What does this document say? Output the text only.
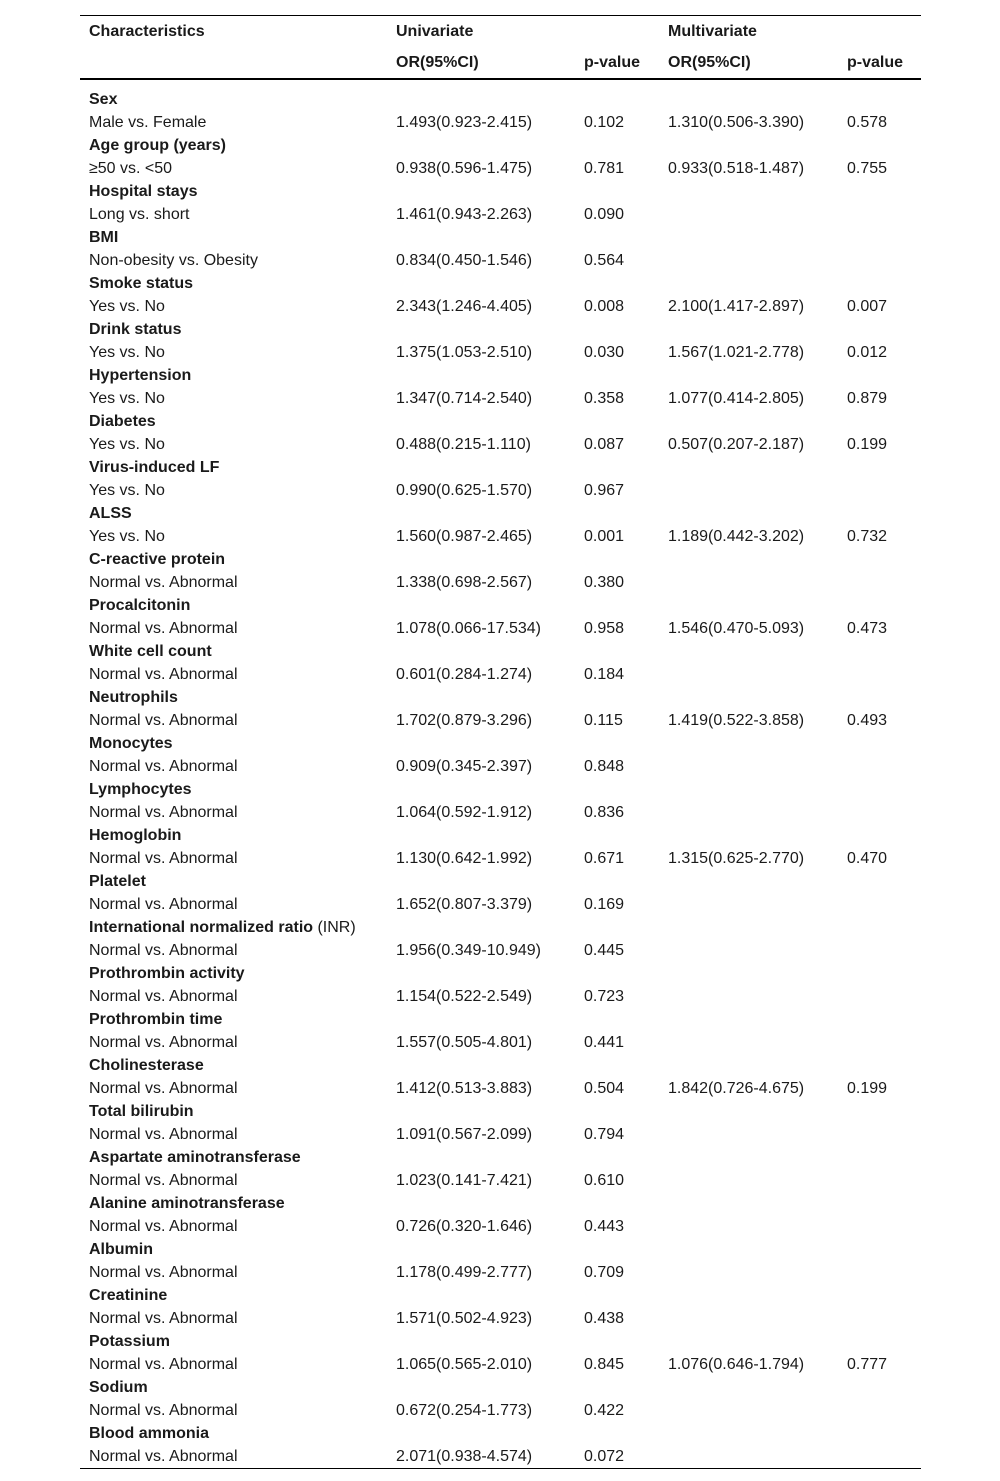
Characteristics	Univariate		Multivariate	
	OR(95%CI)	p-value	OR(95%CI)	p-value

Sex				
Male vs. Female	1.493(0.923-2.415)	0.102	1.310(0.506-3.390)	0.578
Age group (years)				
≥50 vs. <50	0.938(0.596-1.475)	0.781	0.933(0.518-1.487)	0.755
Hospital stays				
Long vs. short	1.461(0.943-2.263)	0.090		
BMI				
Non-obesity vs. Obesity	0.834(0.450-1.546)	0.564		
Smoke status				
Yes vs. No	2.343(1.246-4.405)	0.008	2.100(1.417-2.897)	0.007
Drink status				
Yes vs. No	1.375(1.053-2.510)	0.030	1.567(1.021-2.778)	0.012
Hypertension				
Yes vs. No	1.347(0.714-2.540)	0.358	1.077(0.414-2.805)	0.879
Diabetes				
Yes vs. No	0.488(0.215-1.110)	0.087	0.507(0.207-2.187)	0.199
Virus-induced LF				
Yes vs. No	0.990(0.625-1.570)	0.967		
ALSS				
Yes vs. No	1.560(0.987-2.465)	0.001	1.189(0.442-3.202)	0.732
C-reactive protein				
Normal vs. Abnormal	1.338(0.698-2.567)	0.380		
Procalcitonin				
Normal vs. Abnormal	1.078(0.066-17.534)	0.958	1.546(0.470-5.093)	0.473
White cell count				
Normal vs. Abnormal	0.601(0.284-1.274)	0.184		
Neutrophils				
Normal vs. Abnormal	1.702(0.879-3.296)	0.115	1.419(0.522-3.858)	0.493
Monocytes				
Normal vs. Abnormal	0.909(0.345-2.397)	0.848		
Lymphocytes				
Normal vs. Abnormal	1.064(0.592-1.912)	0.836		
Hemoglobin				
Normal vs. Abnormal	1.130(0.642-1.992)	0.671	1.315(0.625-2.770)	0.470
Platelet				
Normal vs. Abnormal	1.652(0.807-3.379)	0.169		
International normalized ratio (INR)				
Normal vs. Abnormal	1.956(0.349-10.949)	0.445		
Prothrombin activity				
Normal vs. Abnormal	1.154(0.522-2.549)	0.723		
Prothrombin time				
Normal vs. Abnormal	1.557(0.505-4.801)	0.441		
Cholinesterase				
Normal vs. Abnormal	1.412(0.513-3.883)	0.504	1.842(0.726-4.675)	0.199
Total bilirubin				
Normal vs. Abnormal	1.091(0.567-2.099)	0.794		
Aspartate aminotransferase				
Normal vs. Abnormal	1.023(0.141-7.421)	0.610		
Alanine aminotransferase				
Normal vs. Abnormal	0.726(0.320-1.646)	0.443		
Albumin				
Normal vs. Abnormal	1.178(0.499-2.777)	0.709		
Creatinine				
Normal vs. Abnormal	1.571(0.502-4.923)	0.438		
Potassium				
Normal vs. Abnormal	1.065(0.565-2.010)	0.845	1.076(0.646-1.794)	0.777
Sodium				
Normal vs. Abnormal	0.672(0.254-1.773)	0.422		
Blood ammonia				
Normal vs. Abnormal	2.071(0.938-4.574)	0.072		
